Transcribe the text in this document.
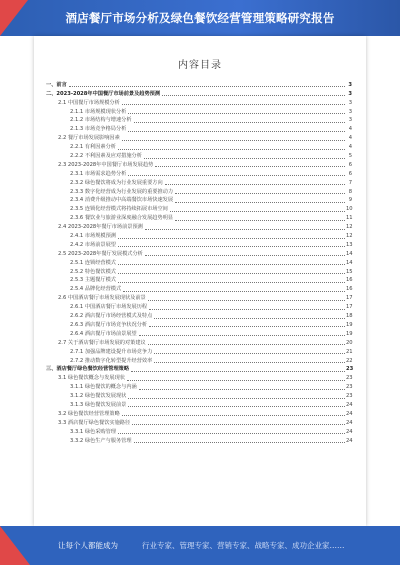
酒店餐厅市场分析及绿色餐饮经营管理策略研究报告
内容目录
一、前言	3
二、2023-2028年中国餐厅市场前景及趋势预测	3
2.1 中国餐厅市场规模分析	3
2.1.1 市场规模现状分析	3
2.1.2 市场结构与增速分析	3
2.1.3 市场竞争格局分析	4
2.2 餐厅市场发展影响因素	4
2.2.1 有利因素分析	4
2.2.2 不利因素及应对措施分析	5
2.3 2023-2028年中国餐厅市场发展趋势	6
2.3.1 市场需求趋势分析	6
2.3.2 绿色餐饮将成为行业发展重要方向	7
2.3.3 数字化经营成为行业发展的重要推动力	8
2.3.4 消费升级推动中高端餐饮市场快速发展	9
2.3.5 连锁化经营模式将持续拓展市场空间	10
2.3.6 餐饮业与旅游业深度融合发展趋势明显	11
2.4 2023-2028年餐厅市场前景预测	12
2.4.1 市场规模预测	12
2.4.2 市场前景展望	13
2.5 2023-2028年餐厅发展模式分析	14
2.5.1 连锁经营模式	14
2.5.2 特色餐饮模式	15
2.5.3 主题餐厅模式	16
2.5.4 品牌化经营模式	16
2.6 中国酒店餐厅市场发展现状及前景	17
2.6.1 中国酒店餐厅市场发展历程	17
2.6.2 酒店餐厅市场经营模式及特点	18
2.6.3 酒店餐厅市场竞争状况分析	19
2.6.4 酒店餐厅市场前景展望	19
2.7 关于酒店餐厅市场发展的对策建议	20
2.7.1 加强品牌建设提升市场竞争力	21
2.7.2 推动数字化转型提升经营效率	22
三、酒店餐厅绿色餐饮经营管理策略	23
3.1 绿色餐饮概念与发展现状	23
3.1.1 绿色餐饮的概念与内涵	23
3.1.2 绿色餐饮发展现状	23
3.1.3 绿色餐饮发展前景	24
3.2 绿色餐饮经营管理策略	24
3.3 酒店餐厅绿色餐饮实施路径	24
3.3.1 绿色采购管理	24
3.3.2 绿色生产与服务管理	24
让每个人都能成为	行业专家、管理专家、营销专家、战略专家、成功企业家……
